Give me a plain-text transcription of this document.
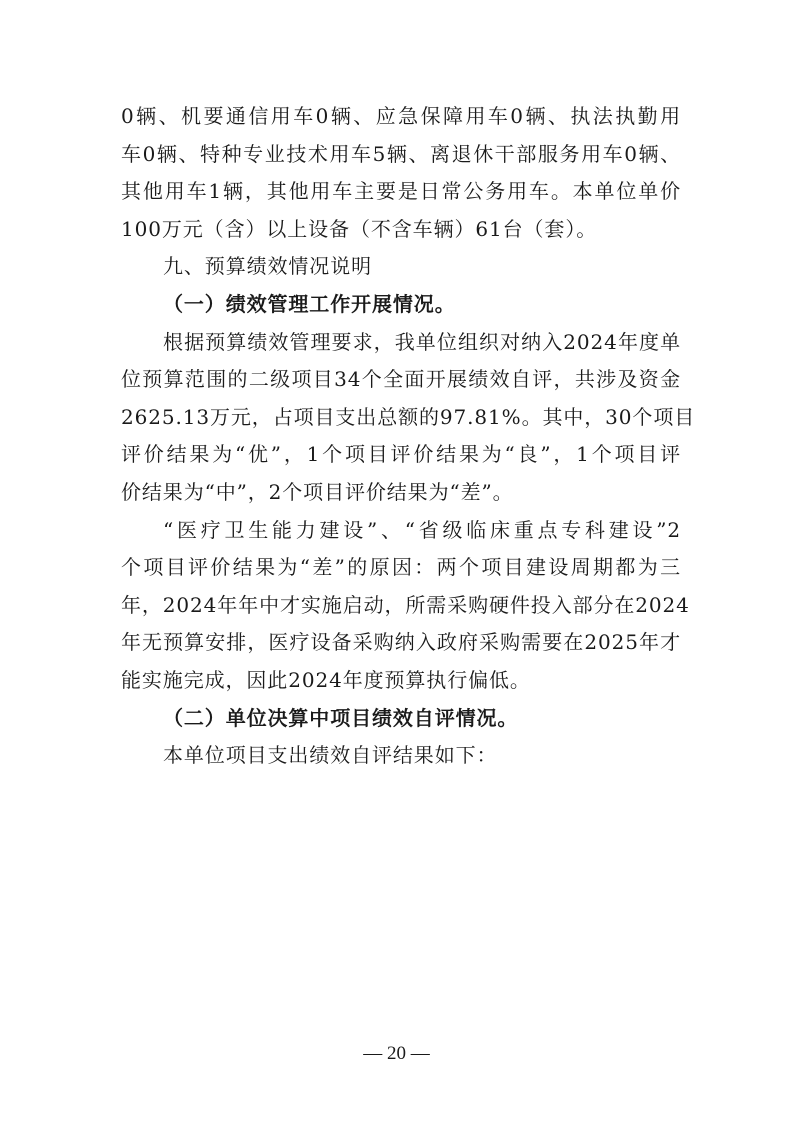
0辆、机要通信用车0辆、应急保障用车0辆、执法执勤用
车0辆、特种专业技术用车5辆、离退休干部服务用车0辆、
其他用车1辆，其他用车主要是日常公务用车。本单位单价
100万元（含）以上设备（不含车辆）61台（套）。
九、预算绩效情况说明
（一）绩效管理工作开展情况。
根据预算绩效管理要求，我单位组织对纳入2024年度单
位预算范围的二级项目34个全面开展绩效自评，共涉及资金
2625.13万元，占项目支出总额的97.81%。其中，30个项目
评价结果为“优”，1个项目评价结果为“良”，1个项目评
价结果为“中”，2个项目评价结果为“差”。
“医疗卫生能力建设”、“省级临床重点专科建设”2
个项目评价结果为“差”的原因：两个项目建设周期都为三
年，2024年年中才实施启动，所需采购硬件投入部分在2024
年无预算安排，医疗设备采购纳入政府采购需要在2025年才
能实施完成，因此2024年度预算执行偏低。
（二）单位决算中项目绩效自评情况。
本单位项目支出绩效自评结果如下：
— 20 —
